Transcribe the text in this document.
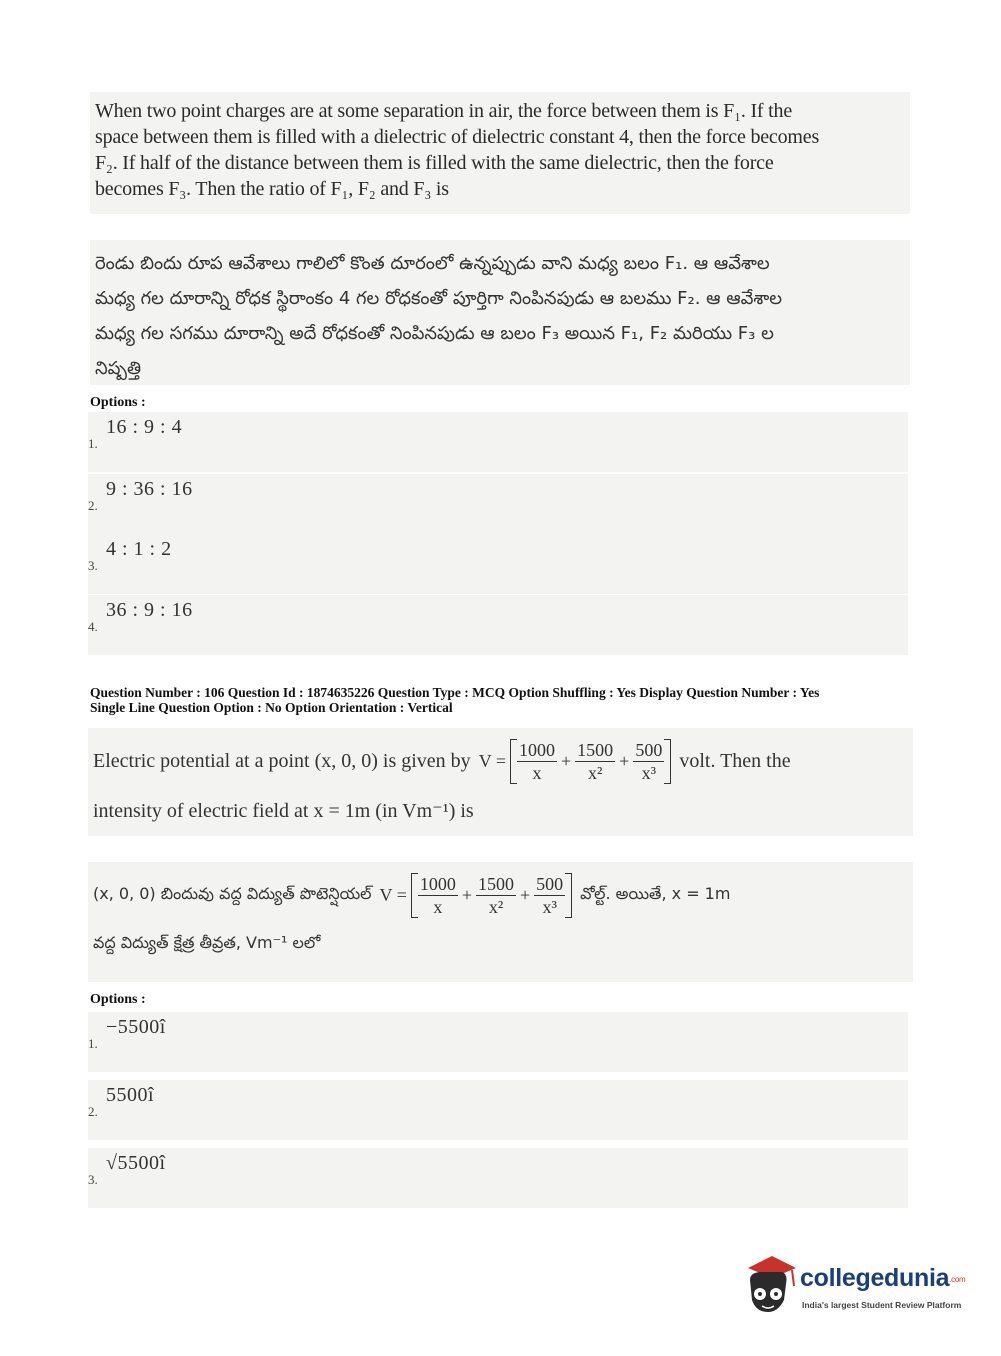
When two point charges are at some separation in air, the force between them is F₁. If the
space between them is filled with a dielectric of dielectric constant 4, then the force becomes
F₂. If half of the distance between them is filled with the same dielectric, then the force
becomes F₃. Then the ratio of F₁, F₂ and F₃ is
రెండు బిందు రూప ఆవేశాలు గాలిలో కొంత దూరంలో ఉన్నప్పుడు వాని మధ్య బలం F₁. ఆ ఆవేశాల
మధ్య గల దూరాన్ని రోధక స్థిరాంకం 4 గల రోధకంతో పూర్తిగా నింపినపుడు ఆ బలము F₂. ఆ ఆవేశాల
మధ్య గల సగము దూరాన్ని అదే రోధకంతో నింపినపుడు ఆ బలం F₃ అయిన F₁, F₂ మరియు F₃ ల
నిష్పత్తి
Options :
1.
16 : 9 : 4
2.
9 : 36 : 16
3.
4 : 1 : 2
4.
36 : 9 : 16
Question Number : 106 Question Id : 1874635226 Question Type : MCQ Option Shuffling : Yes Display Question Number : Yes
Single Line Question Option : No Option Orientation : Vertical
Electric potential at a point (x, 0, 0) is given by $V = \frac{1000}{x} + \frac{1500}{\text{x²}} + \frac{500}{\text{x³}}$ volt. Then the
intensity of electric field at x = 1m (in Vm⁻¹) is
(x, 0, 0) బిందువు వద్ద విద్యుత్ పొటెన్షియల్ $V = \frac{1000}{x} + \frac{1500}{\text{x²}} + \frac{500}{\text{x³}}$ వోల్ట్. అయితే, x = 1m
వద్ద విద్యుత్ క్షేత్ర తీవ్రత, Vm⁻¹ లలో
Options :
1.
−5500î
2.
5500î
3.
√5500î
collegedunia.com
India's largest Student Review Platform
